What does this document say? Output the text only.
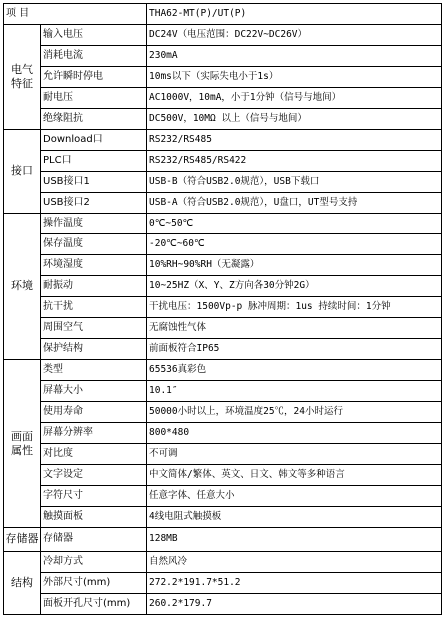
项 目		THA62-MT(P)/UT(P)
电气
特征	输入电压	DC24V（电压范围：DC22V~DC26V）
	消耗电流	230mA
	允许瞬时停电	10ms以下（实际失电小于1s）
	耐电压	AC1000V，10mA，小于1分钟（信号与地间）
	绝缘阻抗	DC500V，10MΩ 以上（信号与地间）
接口	Download口	RS232/RS485
	PLC口	RS232/RS485/RS422
	USB接口1	USB-B（符合USB2.0规范），USB下载口
	USB接口2	USB-A（符合USB2.0规范），U盘口，UT型号支持
环境	操作温度	0℃~50℃
	保存温度	-20℃~60℃
	环境湿度	10%RH~90%RH（无凝露）
	耐振动	10~25HZ（X、Y、Z方向各30分钟2G）
	抗干扰	干扰电压：1500Vp-p 脉冲周期：1us 持续时间：1分钟
	周围空气	无腐蚀性气体
	保护结构	前面板符合IP65
画面
属性	类型	65536真彩色
	屏幕大小	10.1″
	使用寿命	50000小时以上，环境温度25℃，24小时运行
	屏幕分辨率	800*480
	对比度	不可调
	文字设定	中文简体/繁体、英文、日文、韩文等多种语言
	字符尺寸	任意字体、任意大小
	触摸面板	4线电阻式触摸板
存储器	存储器	128MB
结构	冷却方式	自然风冷
	外部尺寸(mm)	272.2*191.7*51.2
	面板开孔尺寸(mm)	260.2*179.7
